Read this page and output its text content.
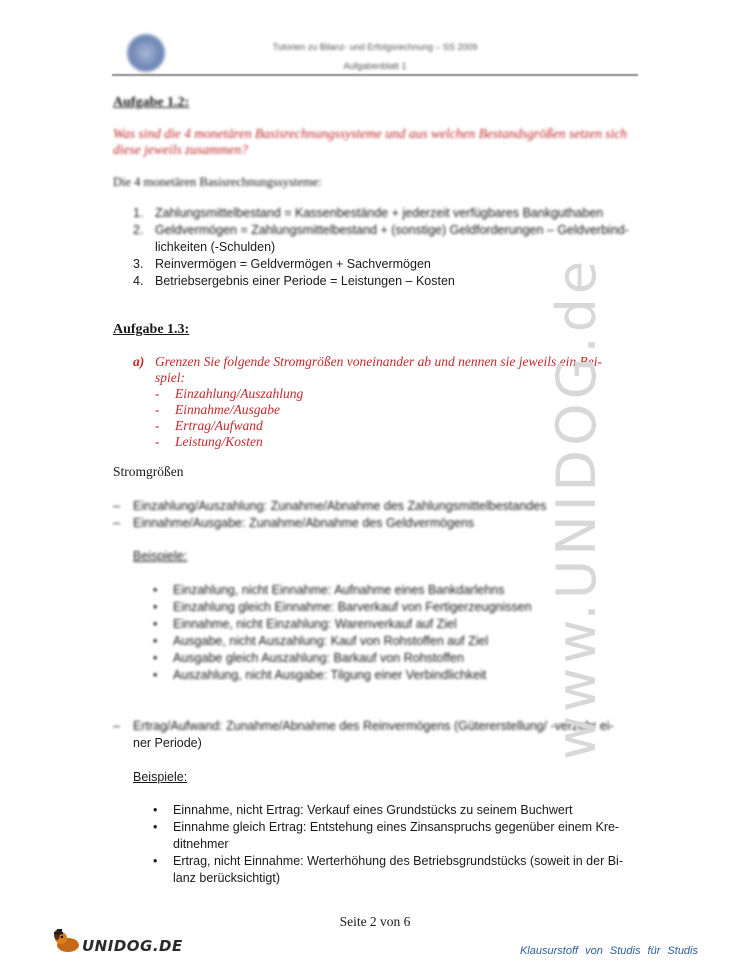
Tutorien zu Bilanz- und Erfolgsrechnung – SS 2009
Aufgabenblatt 1
Aufgabe 1.2:
Was sind die 4 monetären Basisrechnungssysteme und aus welchen Bestandsgrößen setzen sich diese jeweils zusammen?
Die 4 monetären Basisrechnungssysteme:
1. Zahlungsmittelbestand = Kassenbestände + jederzeit verfügbares Bankguthaben
2. Geldvermögen = Zahlungsmittelbestand + (sonstige) Geldforderungen – Geldverbind-
lichkeiten (-Schulden)
3. Reinvermögen = Geldvermögen + Sachvermögen
4. Betriebsergebnis einer Periode = Leistungen – Kosten
Aufgabe 1.3:
a) Grenzen Sie folgende Stromgrößen voneinander ab und nennen sie jeweils ein Bei-
spiel:
- Einzahlung/Auszahlung
- Einnahme/Ausgabe
- Ertrag/Aufwand
- Leistung/Kosten
Stromgrößen
– Einzahlung/Auszahlung: Zunahme/Abnahme des Zahlungsmittelbestandes
– Einnahme/Ausgabe: Zunahme/Abnahme des Geldvermögens
Beispiele:
• Einzahlung, nicht Einnahme: Aufnahme eines Bankdarlehns
• Einzahlung gleich Einnahme: Barverkauf von Fertigerzeugnissen
• Einnahme, nicht Einzahlung: Warenverkauf auf Ziel
• Ausgabe, nicht Auszahlung: Kauf von Rohstoffen auf Ziel
• Ausgabe gleich Auszahlung: Barkauf von Rohstoffen
• Auszahlung, nicht Ausgabe: Tilgung einer Verbindlichkeit
– Ertrag/Aufwand: Zunahme/Abnahme des Reinvermögens (Gütererstellung/ -verzehr ei-
ner Periode)
Beispiele:
• Einnahme, nicht Ertrag: Verkauf eines Grundstücks zu seinem Buchwert
• Einnahme gleich Ertrag: Entstehung eines Zinsanspruchs gegenüber einem Kre-
ditnehmer
• Ertrag, nicht Einnahme: Werterhöhung des Betriebsgrundstücks (soweit in der Bi-
lanz berücksichtigt)
www.UNIDOG.de
Seite 2 von 6
UNIDOG.DE	Klausurstoff von Studis für Studis
